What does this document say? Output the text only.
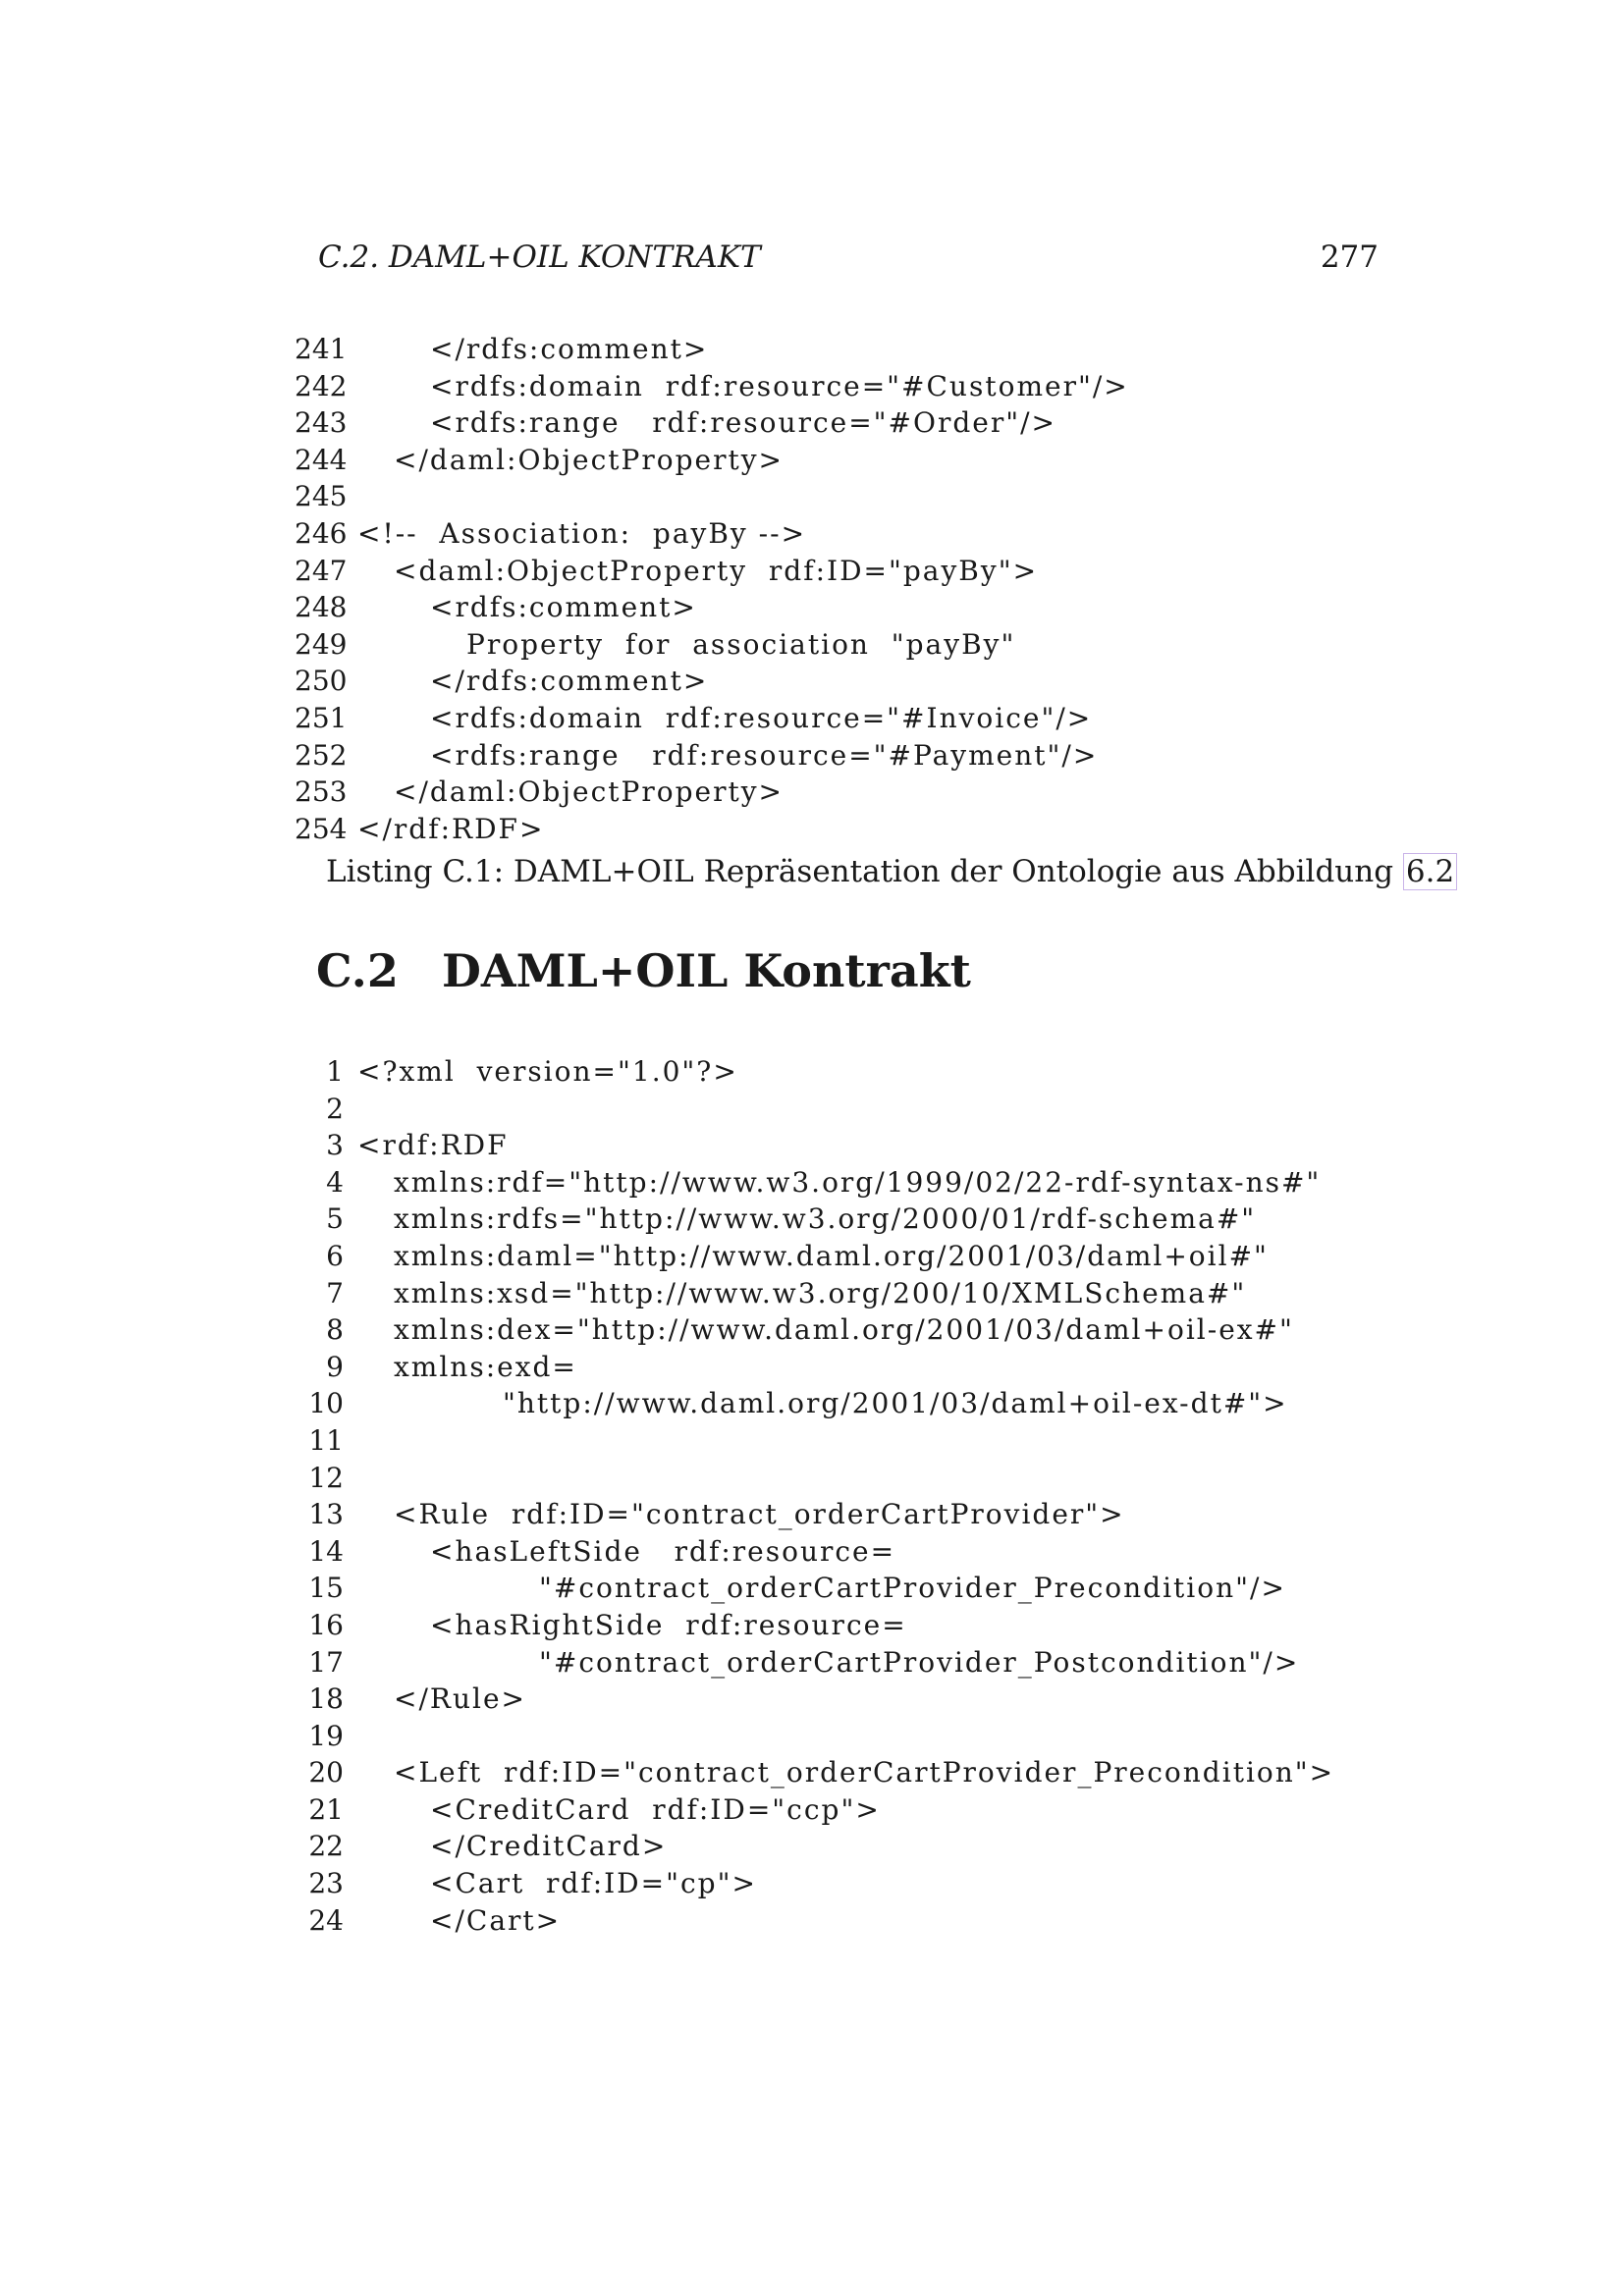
C.2. DAML+OIL KONTRAKT	277
241	</rdfs:comment>
242	<rdfs:domain  rdf:resource="#Customer"/>
243	<rdfs:range   rdf:resource="#Order"/>
244 </daml:ObjectProperty>
245
246 <!--  Association:  payBy -->
247 <daml:ObjectProperty  rdf:ID="payBy">
248	<rdfs:comment>
249	Property  for  association  "payBy"
250	</rdfs:comment>
251	<rdfs:domain  rdf:resource="#Invoice"/>
252	<rdfs:range   rdf:resource="#Payment"/>
253 </daml:ObjectProperty>
254 </rdf:RDF>
Listing C.1: DAML+OIL Repräsentation der Ontologie aus Abbildung 6.2
C.2 DAML+OIL Kontrakt
1 <?xml  version="1.0"?>
2
3 <rdf:RDF
4 xmlns:rdf="http://www.w3.org/1999/02/22-rdf-syntax-ns#"
5 xmlns:rdfs="http://www.w3.org/2000/01/rdf-schema#"
6 xmlns:daml="http://www.daml.org/2001/03/daml+oil#"
7 xmlns:xsd="http://www.w3.org/200/10/XMLSchema#"
8 xmlns:dex="http://www.daml.org/2001/03/daml+oil-ex#"
9 xmlns:exd=
10	"http://www.daml.org/2001/03/daml+oil-ex-dt#">
11
12
13 <Rule  rdf:ID="contract_orderCartProvider">
14	<hasLeftSide   rdf:resource=
15	"#contract_orderCartProvider_Precondition"/>
16	<hasRightSide  rdf:resource=
17	"#contract_orderCartProvider_Postcondition"/>
18 </Rule>
19
20 <Left  rdf:ID="contract_orderCartProvider_Precondition">
21	<CreditCard  rdf:ID="ccp">
22	</CreditCard>
23	<Cart  rdf:ID="cp">
24	</Cart>
